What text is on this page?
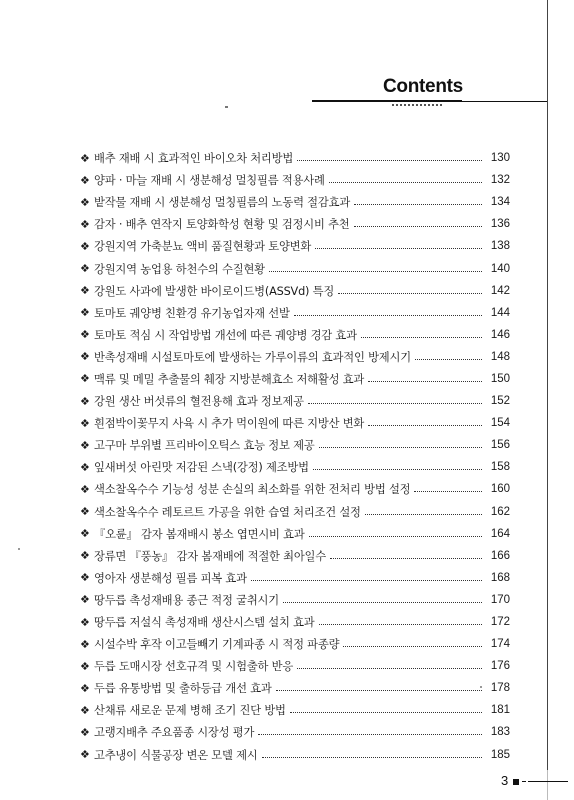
Contents
❖ 배추 재배 시 효과적인 바이오차 처리방법	130
❖ 양파 · 마늘 재배 시 생분해성 멀칭필름 적용사례	132
❖ 밭작물 재배 시 생분해성 멀칭필름의 노동력 절감효과	134
❖ 감자 · 배추 연작지 토양화학성 현황 및 검정시비 추천	136
❖ 강원지역 가축분뇨 액비 품질현황과 토양변화	138
❖ 강원지역 농업용 하천수의 수질현황	140
❖ 강원도 사과에 발생한 바이로이드병(ASSVd) 특징	142
❖ 토마토 궤양병 친환경 유기농업자재 선발	144
❖ 토마토 적심 시 작업방법 개선에 따른 궤양병 경감 효과	146
❖ 반촉성재배 시설토마토에 발생하는 가루이류의 효과적인 방제시기	148
❖ 맥류 및 메밀 추출물의 췌장 지방분해효소 저해활성 효과	150
❖ 강원 생산 버섯류의 혈전용해 효과 정보제공	152
❖ 흰점박이꽃무지 사육 시 추가 먹이원에 따른 지방산 변화	154
❖ 고구마 부위별 프리바이오틱스 효능 정보 제공	156
❖ 잎새버섯 아린맛 저감된 스낵(강정) 제조방법	158
❖ 색소찰옥수수 기능성 성분 손실의 최소화를 위한 전처리 방법 설정	160
❖ 색소찰옥수수 레토르트 가공을 위한 습열 처리조건 설정	162
❖ 『오륜』 감자 봄재배시 봉소 엽면시비 효과	164
❖ 장류면 『풍농』 감자 봄재배에 적절한 최아일수	166
❖ 영아자 생분해성 필름 피복 효과	168
❖ 땅두릅 촉성재배용 종근 적정 굴취시기	170
❖ 땅두릅 저설식 촉성재배 생산시스템 설치 효과	172
❖ 시설수박 후작 이고들빼기 기계파종 시 적정 파종량	174
❖ 두릅 도매시장 선호규격 및 시험출하 반응	176
❖ 두릅 유통방법 및 출하등급 개선 효과	178
❖ 산채류 새로운 문제 병해 조기 진단 방법	181
❖ 고랭지배추 주요품종 시장성 평가	183
❖ 고추냉이 식물공장 변온 모델 제시	185
3
